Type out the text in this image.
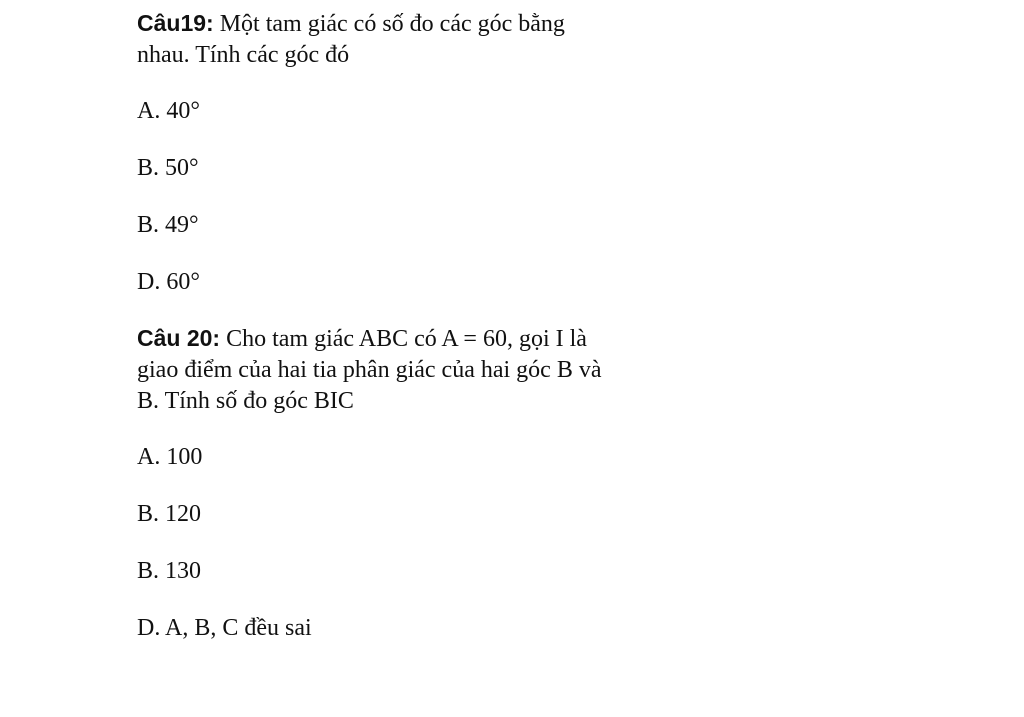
Câu19: Một tam giác có số đo các góc bằng
nhau. Tính các góc đó

A. 40°
B. 50°
B. 49°
D. 60°

Câu 20: Cho tam giác ABC có A = 60, gọi I là
giao điểm của hai tia phân giác của hai góc B và
B. Tính số đo góc BIC

A. 100
B. 120
B. 130
D. A, B, C đều sai
